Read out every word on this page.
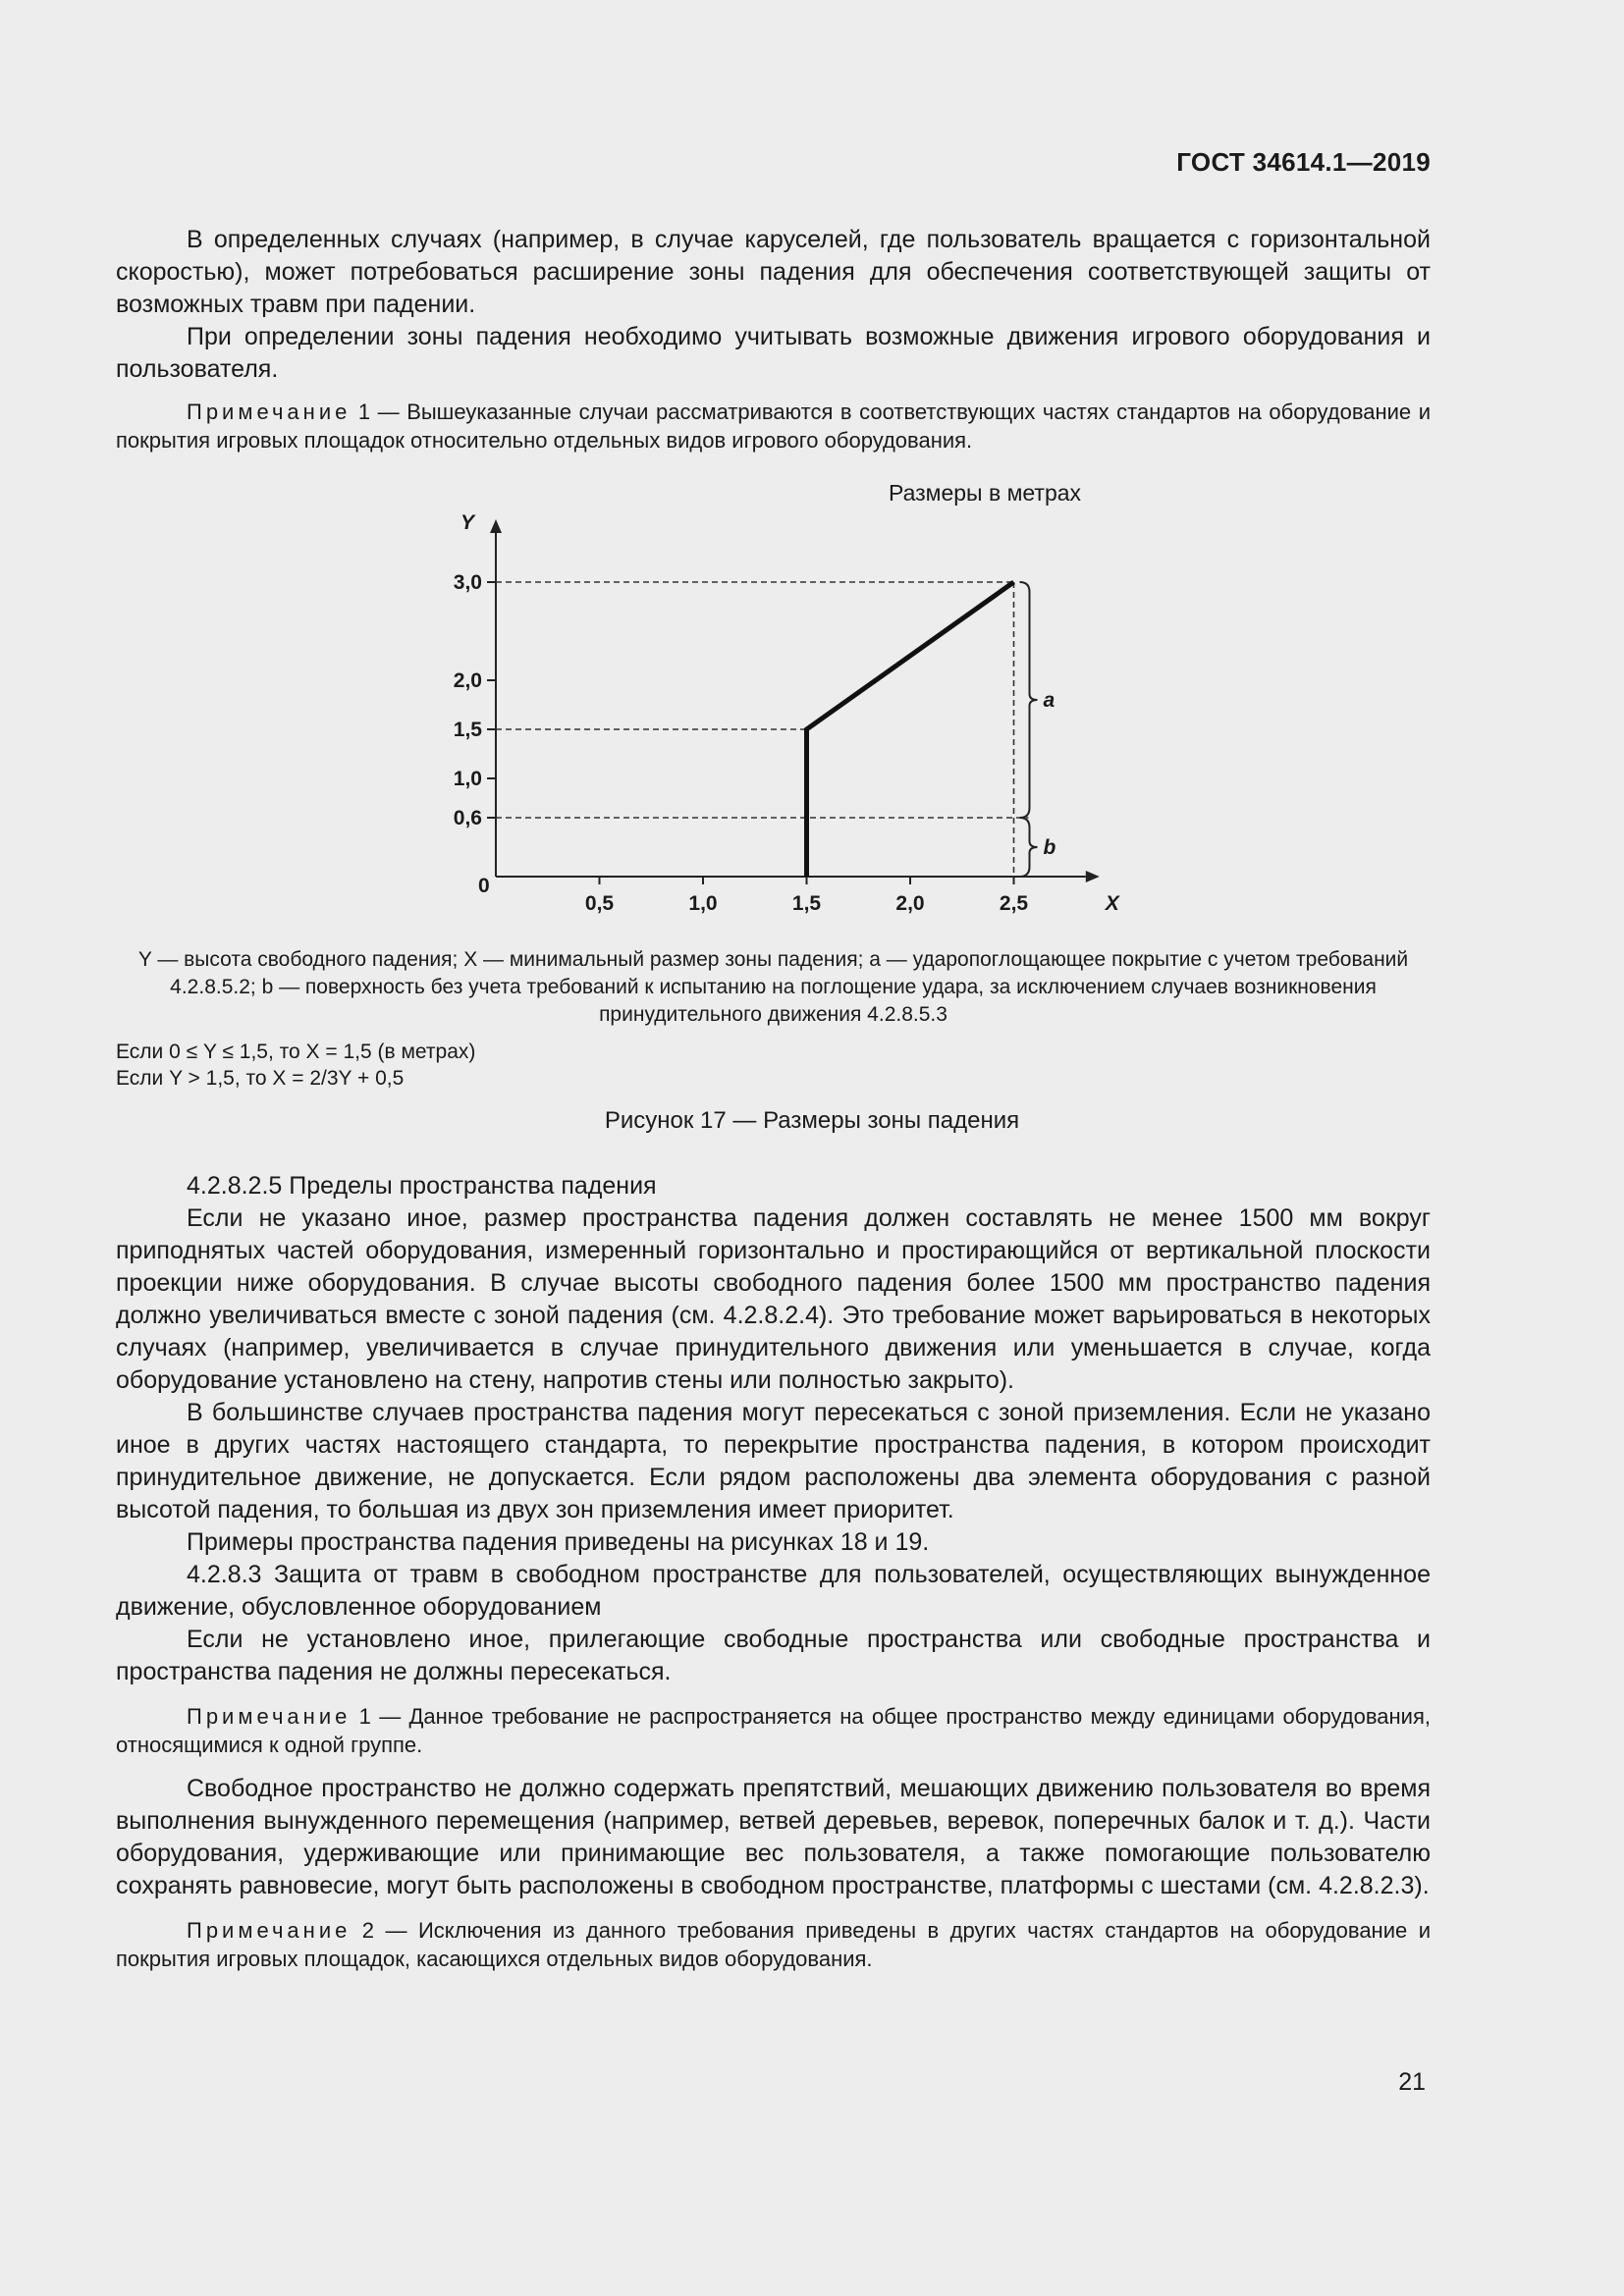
ГОСТ 34614.1—2019

В определенных случаях (например, в случае каруселей, где пользователь вращается с горизонтальной скоростью), может потребоваться расширение зоны падения для обеспечения соответствующей защиты от возможных травм при падении.

При определении зоны падения необходимо учитывать возможные движения игрового оборудования и пользователя.

Примечание 1 — Вышеуказанные случаи рассматриваются в соответствующих частях стандартов на оборудование и покрытия игровых площадок относительно отдельных видов игрового оборудования.

Размеры в метрах
Y
X
0
0,6
1,0
1,5
2,0
3,0
0,5	1,0	1,5	2,0	2,5
a
b
Y — высота свободного падения; X — минимальный размер зоны падения; a — ударопоглощающее покрытие с учетом требований 4.2.8.5.2; b — поверхность без учета требований к испытанию на поглощение удара, за исключением случаев возникновения принудительного движения 4.2.8.5.3
Если 0 ≤ Y ≤ 1,5, то X = 1,5 (в метрах)
Если Y > 1,5, то X = 2/3Y + 0,5
Рисунок 17 — Размеры зоны падения

4.2.8.2.5 Пределы пространства падения

Если не указано иное, размер пространства падения должен составлять не менее 1500 мм вокруг приподнятых частей оборудования, измеренный горизонтально и простирающийся от вертикальной плоскости проекции ниже оборудования. В случае высоты свободного падения более 1500 мм пространство падения должно увеличиваться вместе с зоной падения (см. 4.2.8.2.4). Это требование может варьироваться в некоторых случаях (например, увеличивается в случае принудительного движения или уменьшается в случае, когда оборудование установлено на стену, напротив стены или полностью закрыто).

В большинстве случаев пространства падения могут пересекаться с зоной приземления. Если не указано иное в других частях настоящего стандарта, то перекрытие пространства падения, в котором происходит принудительное движение, не допускается. Если рядом расположены два элемента оборудования с разной высотой падения, то большая из двух зон приземления имеет приоритет.

Примеры пространства падения приведены на рисунках 18 и 19.

4.2.8.3 Защита от травм в свободном пространстве для пользователей, осуществляющих вынужденное движение, обусловленное оборудованием

Если не установлено иное, прилегающие свободные пространства или свободные пространства и пространства падения не должны пересекаться.

Примечание 1 — Данное требование не распространяется на общее пространство между единицами оборудования, относящимися к одной группе.

Свободное пространство не должно содержать препятствий, мешающих движению пользователя во время выполнения вынужденного перемещения (например, ветвей деревьев, веревок, поперечных балок и т. д.). Части оборудования, удерживающие или принимающие вес пользователя, а также помогающие пользователю сохранять равновесие, могут быть расположены в свободном пространстве, платформы с шестами (см. 4.2.8.2.3).

Примечание 2 — Исключения из данного требования приведены в других частях стандартов на оборудование и покрытия игровых площадок, касающихся отдельных видов оборудования.

21
